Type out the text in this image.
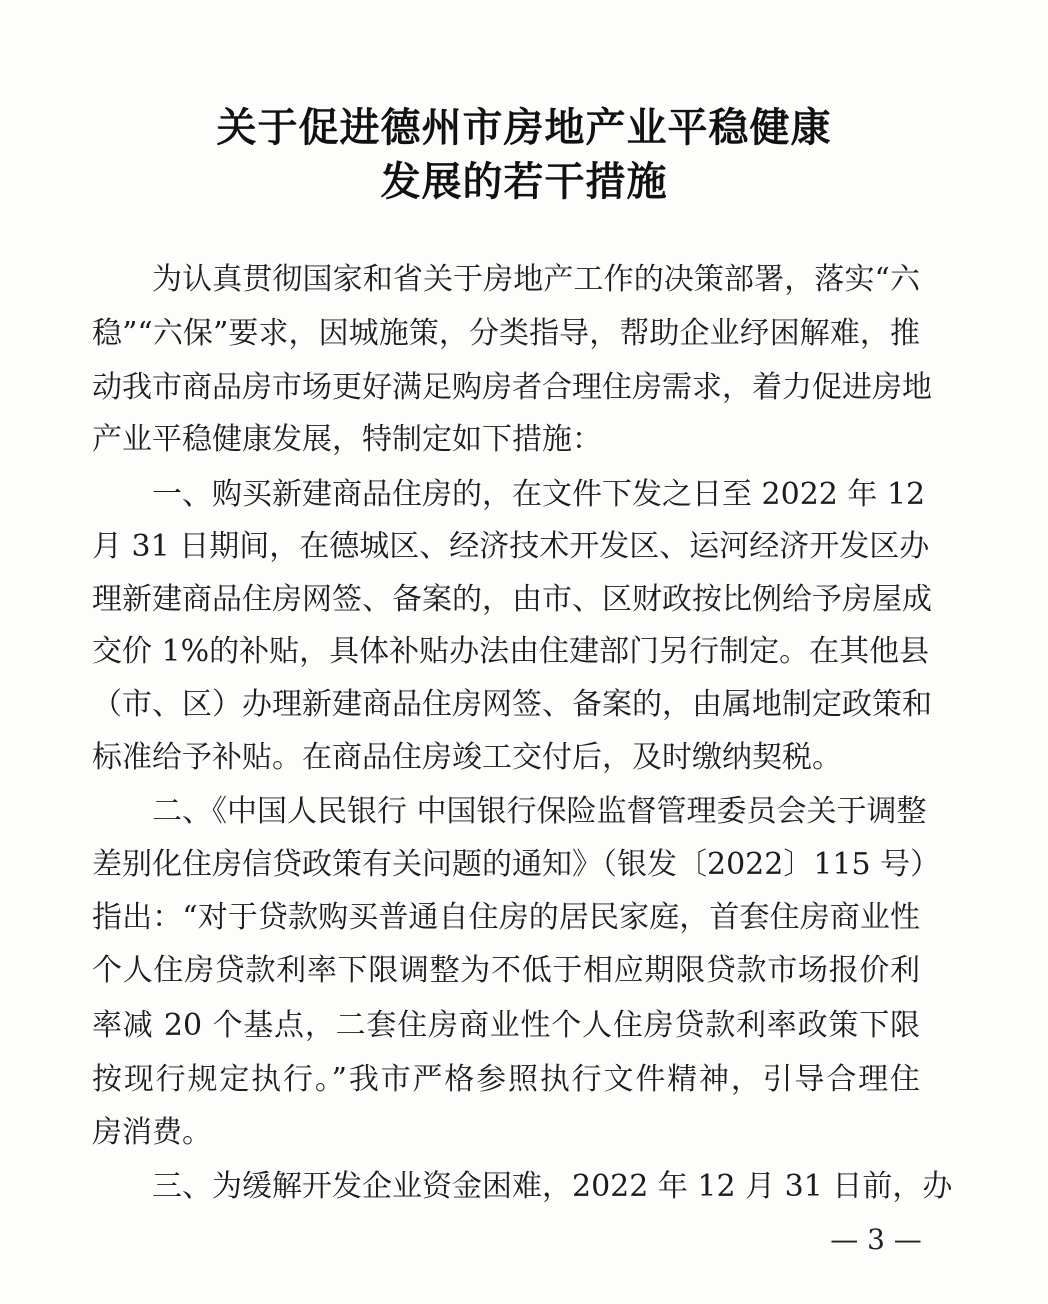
关于促进德州市房地产业平稳健康
发展的若干措施
为认真贯彻国家和省关于房地产工作的决策部署，落实“六
稳”“六保”要求，因城施策，分类指导，帮助企业纾困解难，推
动我市商品房市场更好满足购房者合理住房需求，着力促进房地
产业平稳健康发展，特制定如下措施：
一、购买新建商品住房的，在文件下发之日至 2022 年 12
月 31 日期间，在德城区、经济技术开发区、运河经济开发区办
理新建商品住房网签、备案的，由市、区财政按比例给予房屋成
交价 1%的补贴，具体补贴办法由住建部门另行制定。在其他县
（市、区）办理新建商品住房网签、备案的，由属地制定政策和
标准给予补贴。在商品住房竣工交付后，及时缴纳契税。
二、《中国人民银行 中国银行保险监督管理委员会关于调整
差别化住房信贷政策有关问题的通知》（银发〔2022〕115 号）
指出：“对于贷款购买普通自住房的居民家庭，首套住房商业性
个人住房贷款利率下限调整为不低于相应期限贷款市场报价利
率减 20 个基点，二套住房商业性个人住房贷款利率政策下限
按现行规定执行。”我市严格参照执行文件精神，引导合理住
房消费。
三、为缓解开发企业资金困难，2022 年 12 月 31 日前，办
— 3 —
